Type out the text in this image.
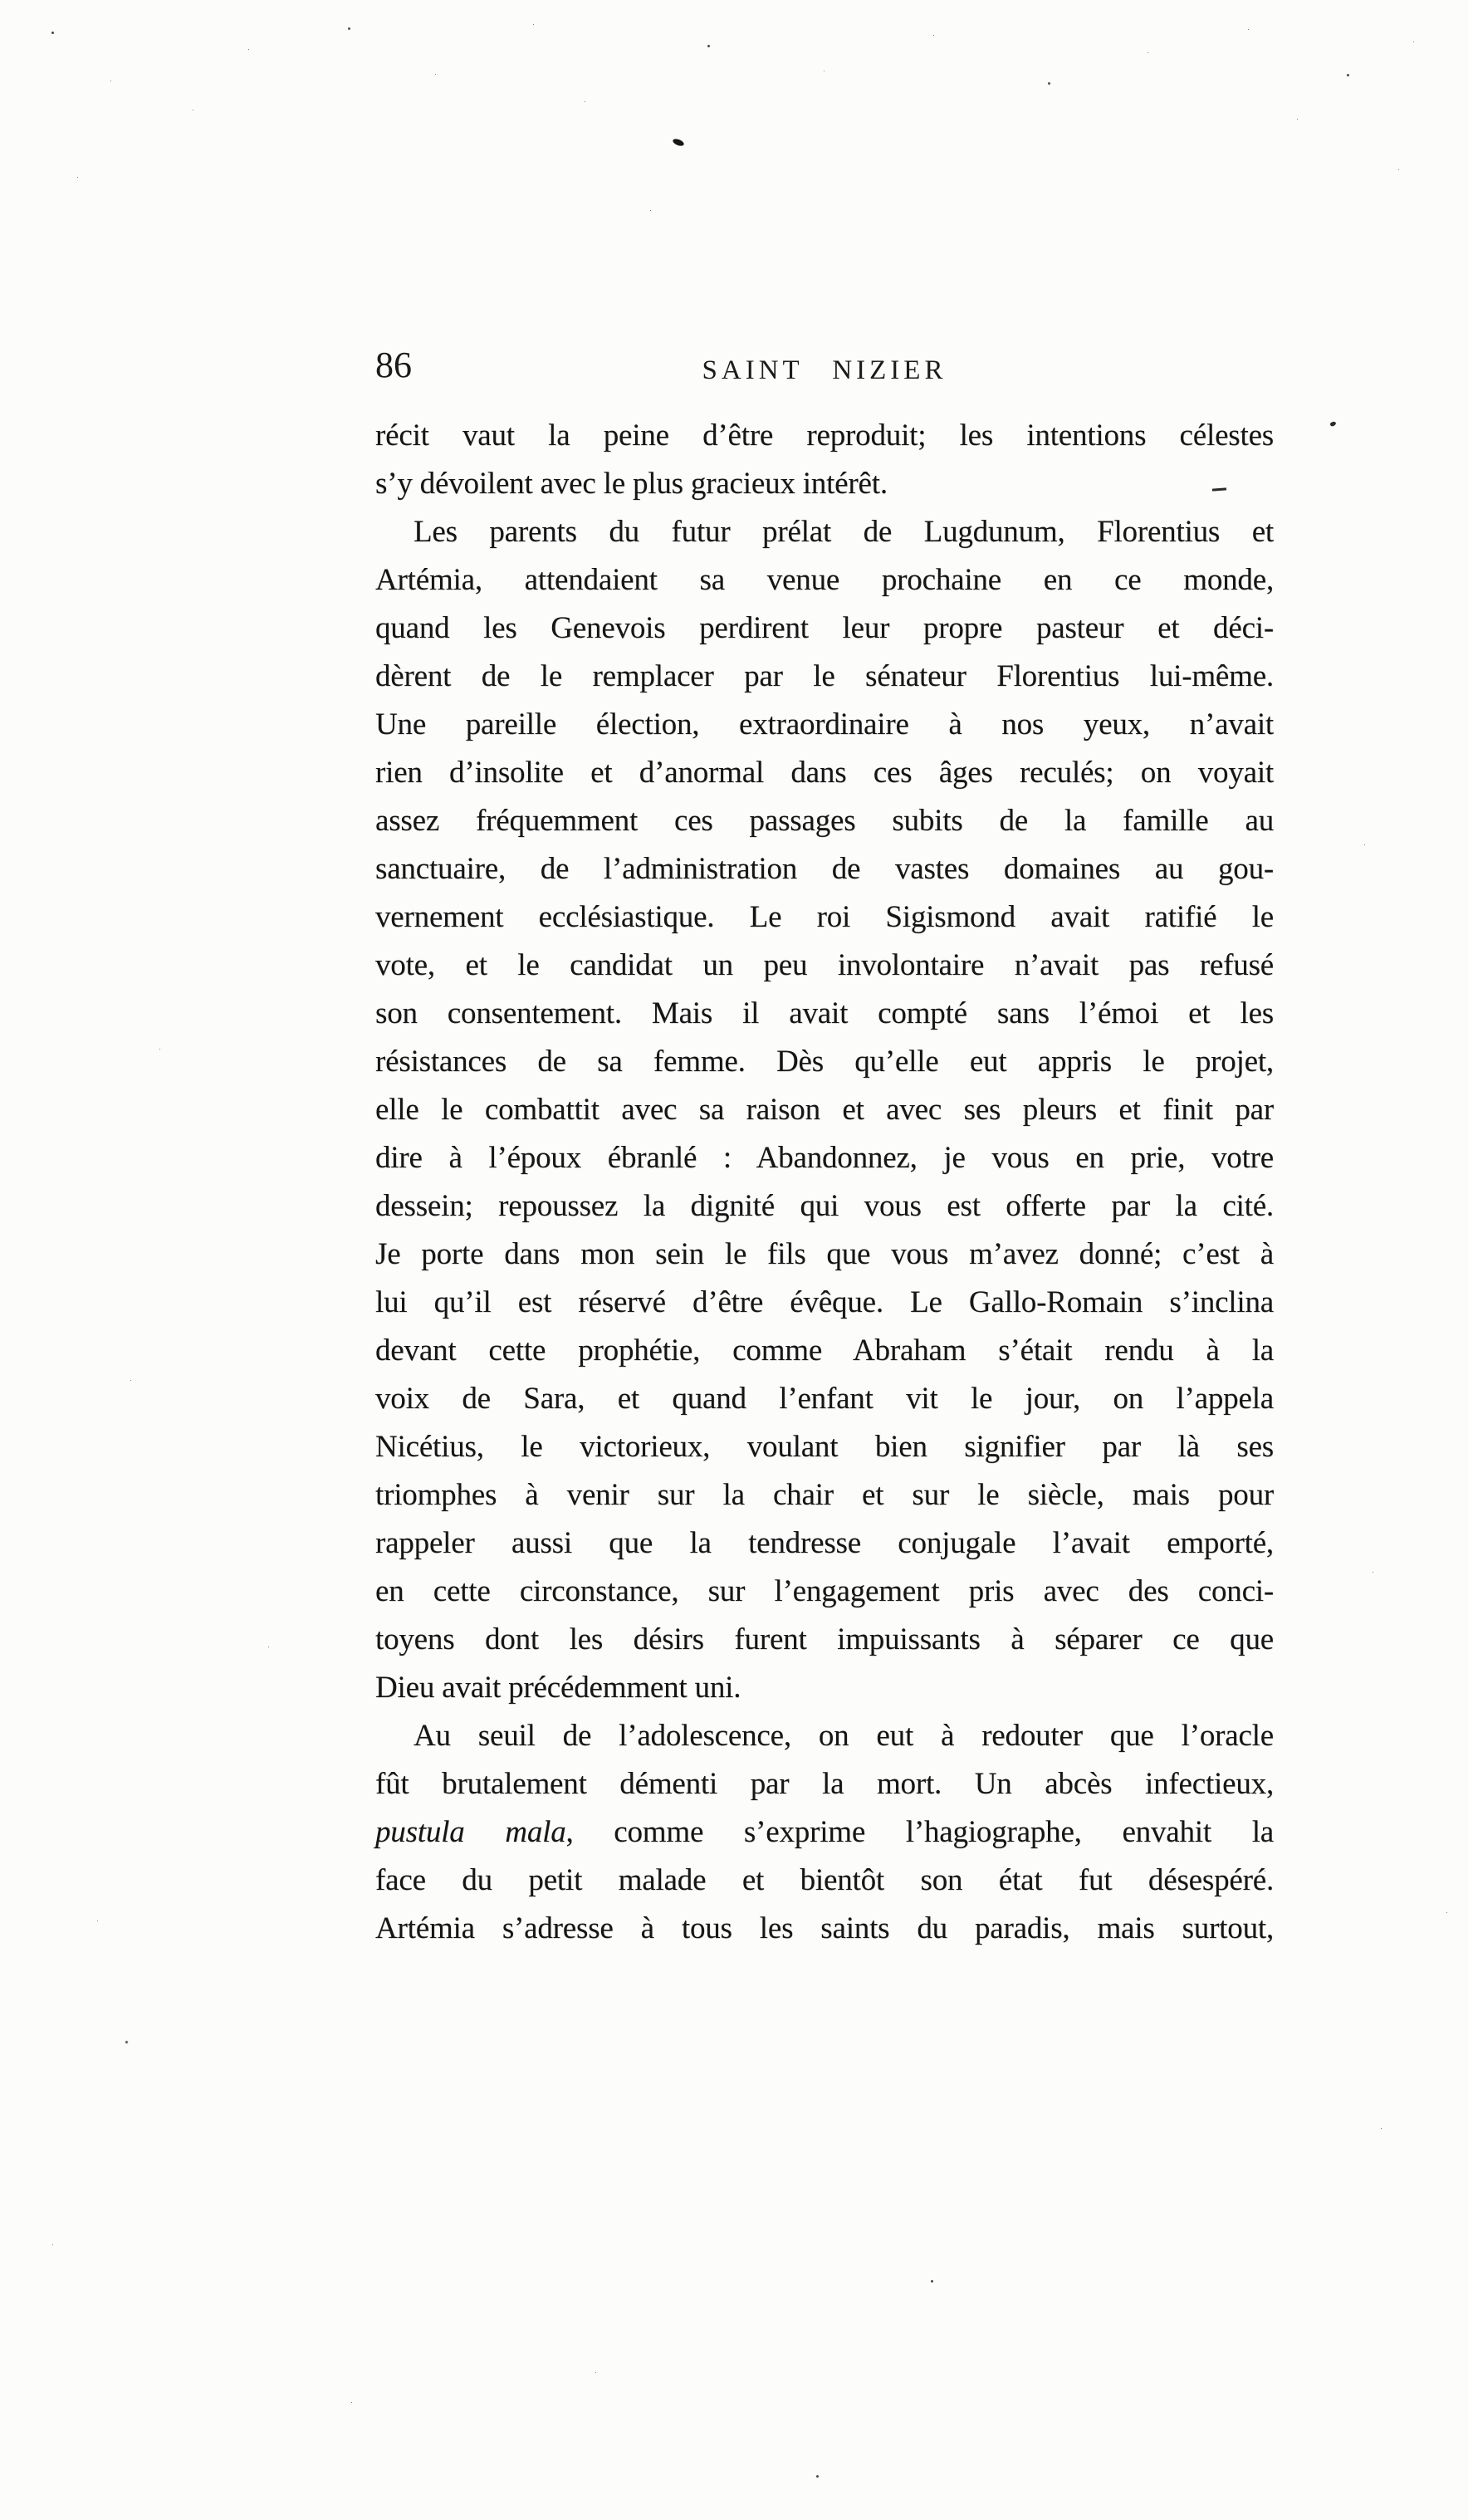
86	SAINT NIZIER
récit vaut la peine d’être reproduit; les intentions célestes
s’y dévoilent avec le plus gracieux intérêt.
Les parents du futur prélat de Lugdunum, Florentius et
Artémia, attendaient sa venue prochaine en ce monde,
quand les Genevois perdirent leur propre pasteur et déci-
dèrent de le remplacer par le sénateur Florentius lui-même.
Une pareille élection, extraordinaire à nos yeux, n’avait
rien d’insolite et d’anormal dans ces âges reculés; on voyait
assez fréquemment ces passages subits de la famille au
sanctuaire, de l’administration de vastes domaines au gou-
vernement ecclésiastique. Le roi Sigismond avait ratifié le
vote, et le candidat un peu involontaire n’avait pas refusé
son consentement. Mais il avait compté sans l’émoi et les
résistances de sa femme. Dès qu’elle eut appris le projet,
elle le combattit avec sa raison et avec ses pleurs et finit par
dire à l’époux ébranlé : Abandonnez, je vous en prie, votre
dessein; repoussez la dignité qui vous est offerte par la cité.
Je porte dans mon sein le fils que vous m’avez donné; c’est à
lui qu’il est réservé d’être évêque. Le Gallo-Romain s’inclina
devant cette prophétie, comme Abraham s’était rendu à la
voix de Sara, et quand l’enfant vit le jour, on l’appela
Nicétius, le victorieux, voulant bien signifier par là ses
triomphes à venir sur la chair et sur le siècle, mais pour
rappeler aussi que la tendresse conjugale l’avait emporté,
en cette circonstance, sur l’engagement pris avec des conci-
toyens dont les désirs furent impuissants à séparer ce que
Dieu avait précédemment uni.
Au seuil de l’adolescence, on eut à redouter que l’oracle
fût brutalement démenti par la mort. Un abcès infectieux,
pustula mala, comme s’exprime l’hagiographe, envahit la
face du petit malade et bientôt son état fut désespéré.
Artémia s’adresse à tous les saints du paradis, mais surtout,
